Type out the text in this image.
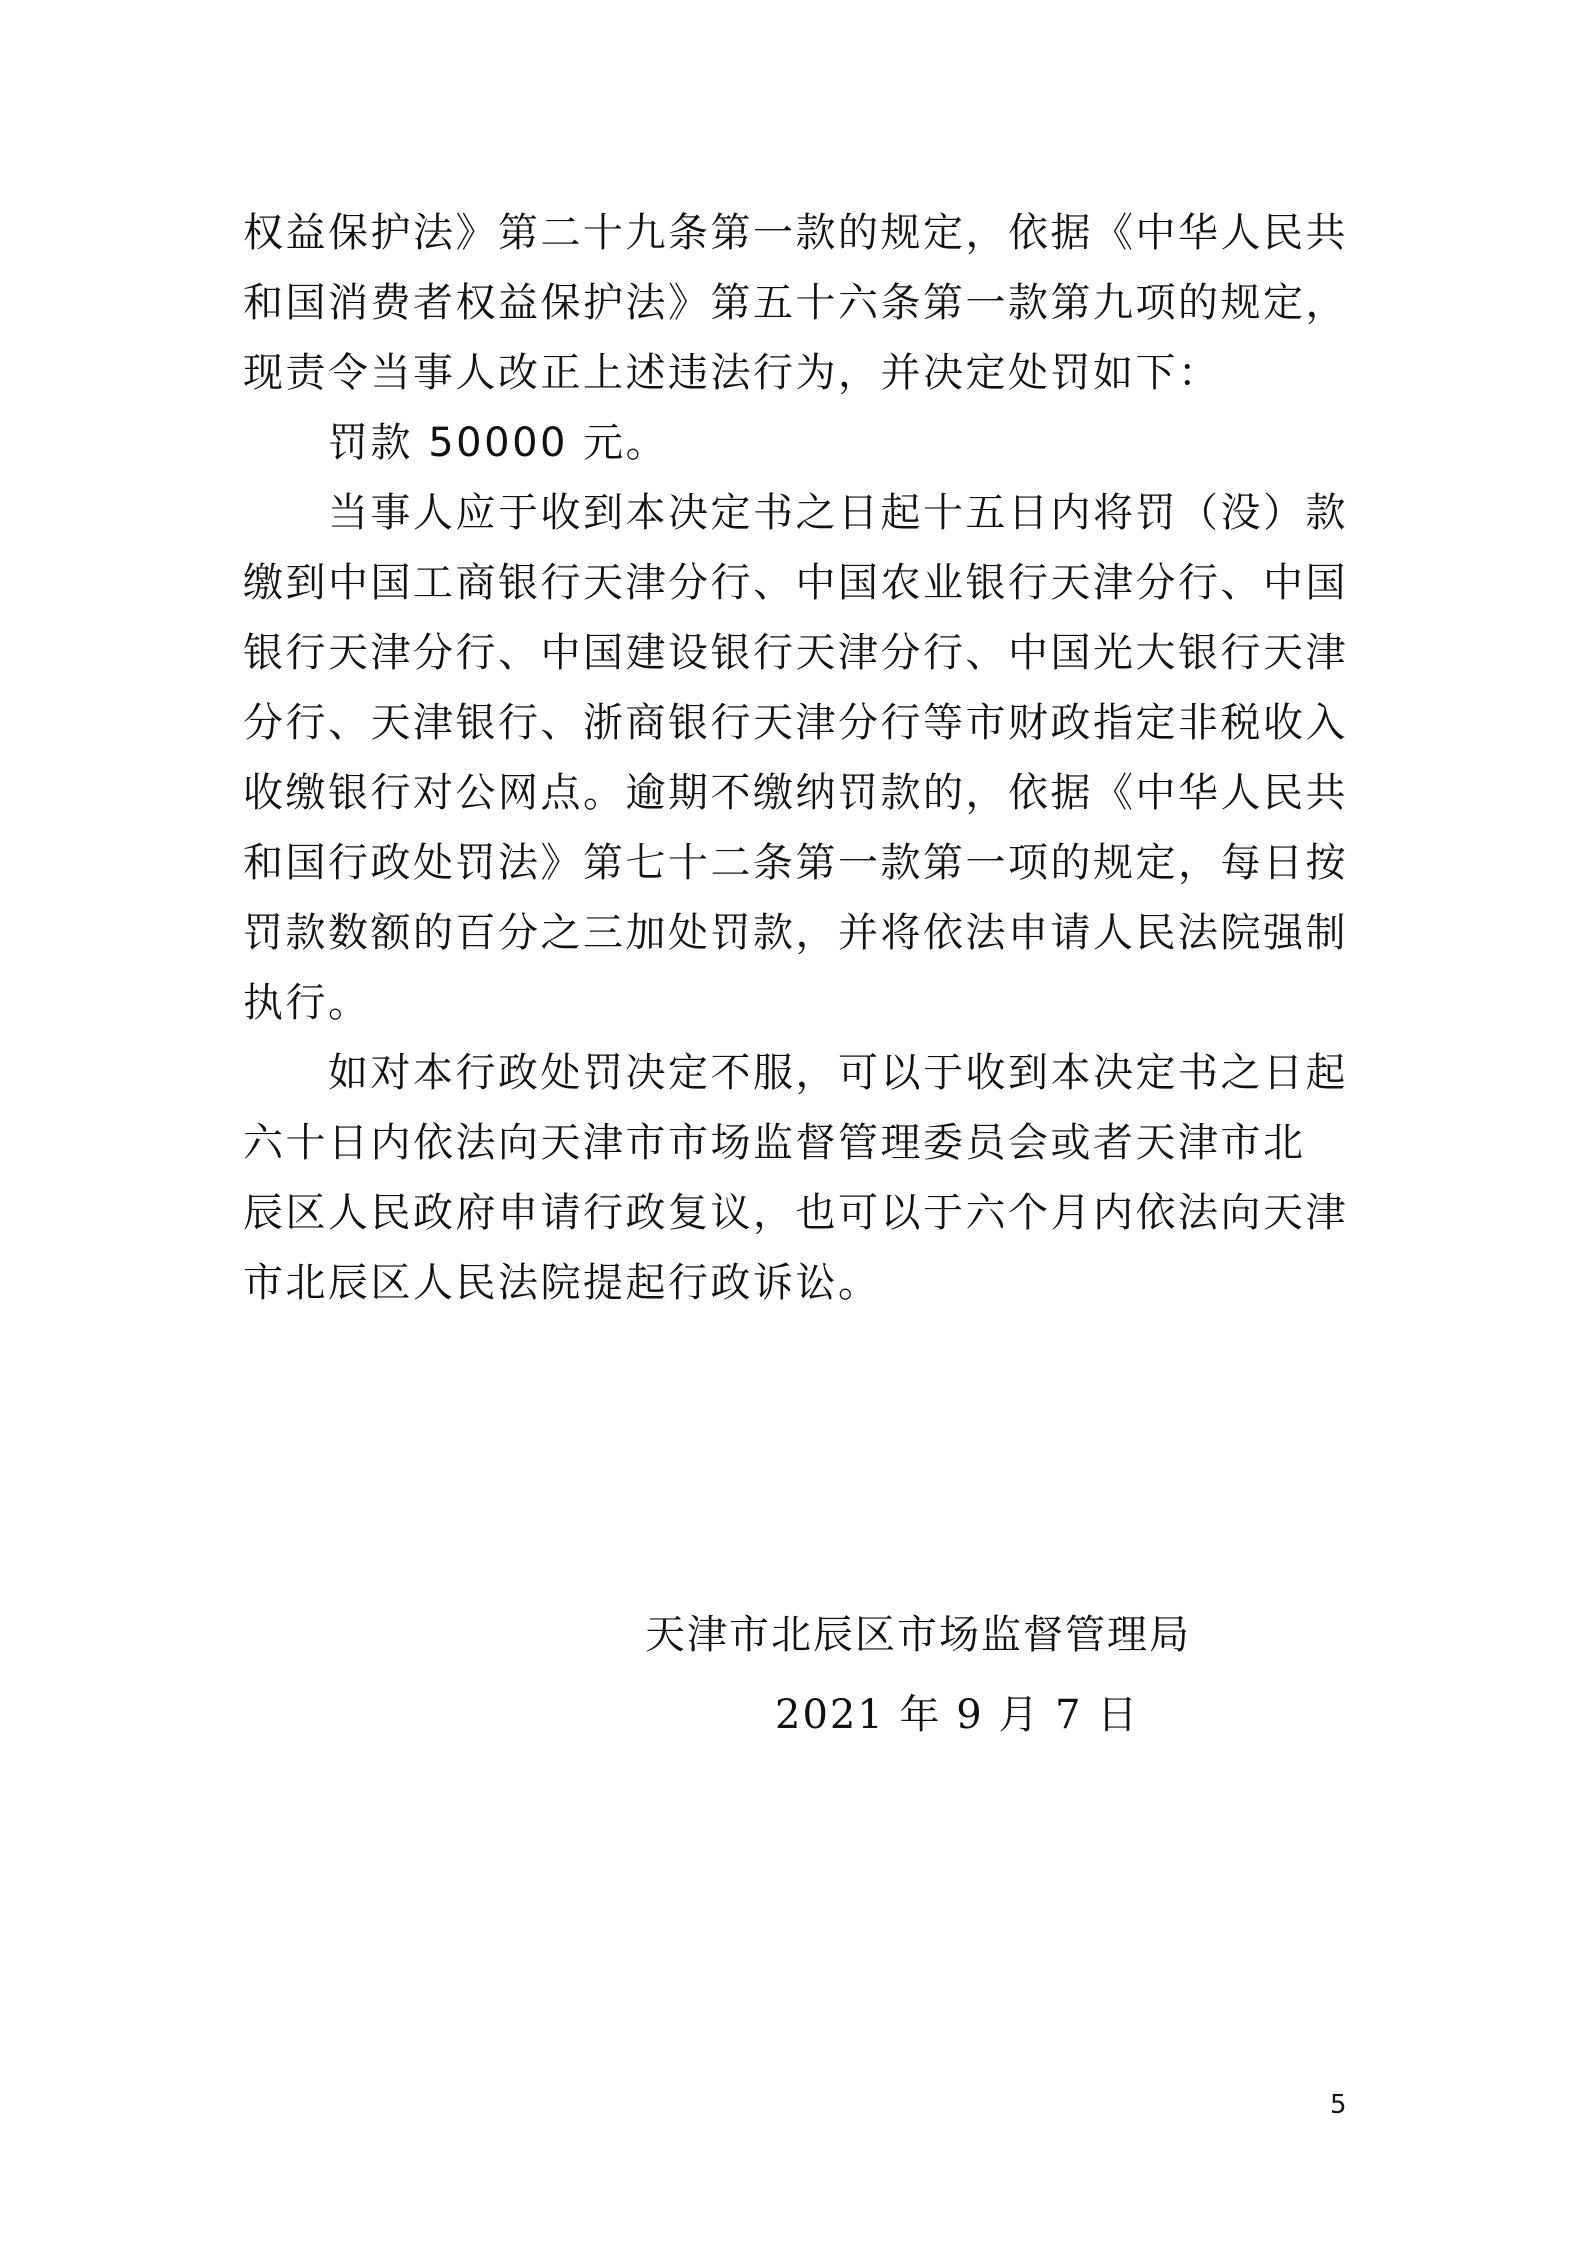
权益保护法》第二十九条第一款的规定，依据《中华人民共
和国消费者权益保护法》第五十六条第一款第九项的规定，
现责令当事人改正上述违法行为，并决定处罚如下：
罚款 50000 元。
当事人应于收到本决定书之日起十五日内将罚（没）款
缴到中国工商银行天津分行、中国农业银行天津分行、中国
银行天津分行、中国建设银行天津分行、中国光大银行天津
分行、天津银行、浙商银行天津分行等市财政指定非税收入
收缴银行对公网点。逾期不缴纳罚款的，依据《中华人民共
和国行政处罚法》第七十二条第一款第一项的规定，每日按
罚款数额的百分之三加处罚款，并将依法申请人民法院强制
执行。
如对本行政处罚决定不服，可以于收到本决定书之日起
六十日内依法向天津市市场监督管理委员会或者天津市北
辰区人民政府申请行政复议，也可以于六个月内依法向天津
市北辰区人民法院提起行政诉讼。
天津市北辰区市场监督管理局
2021 年 9 月 7 日
5
